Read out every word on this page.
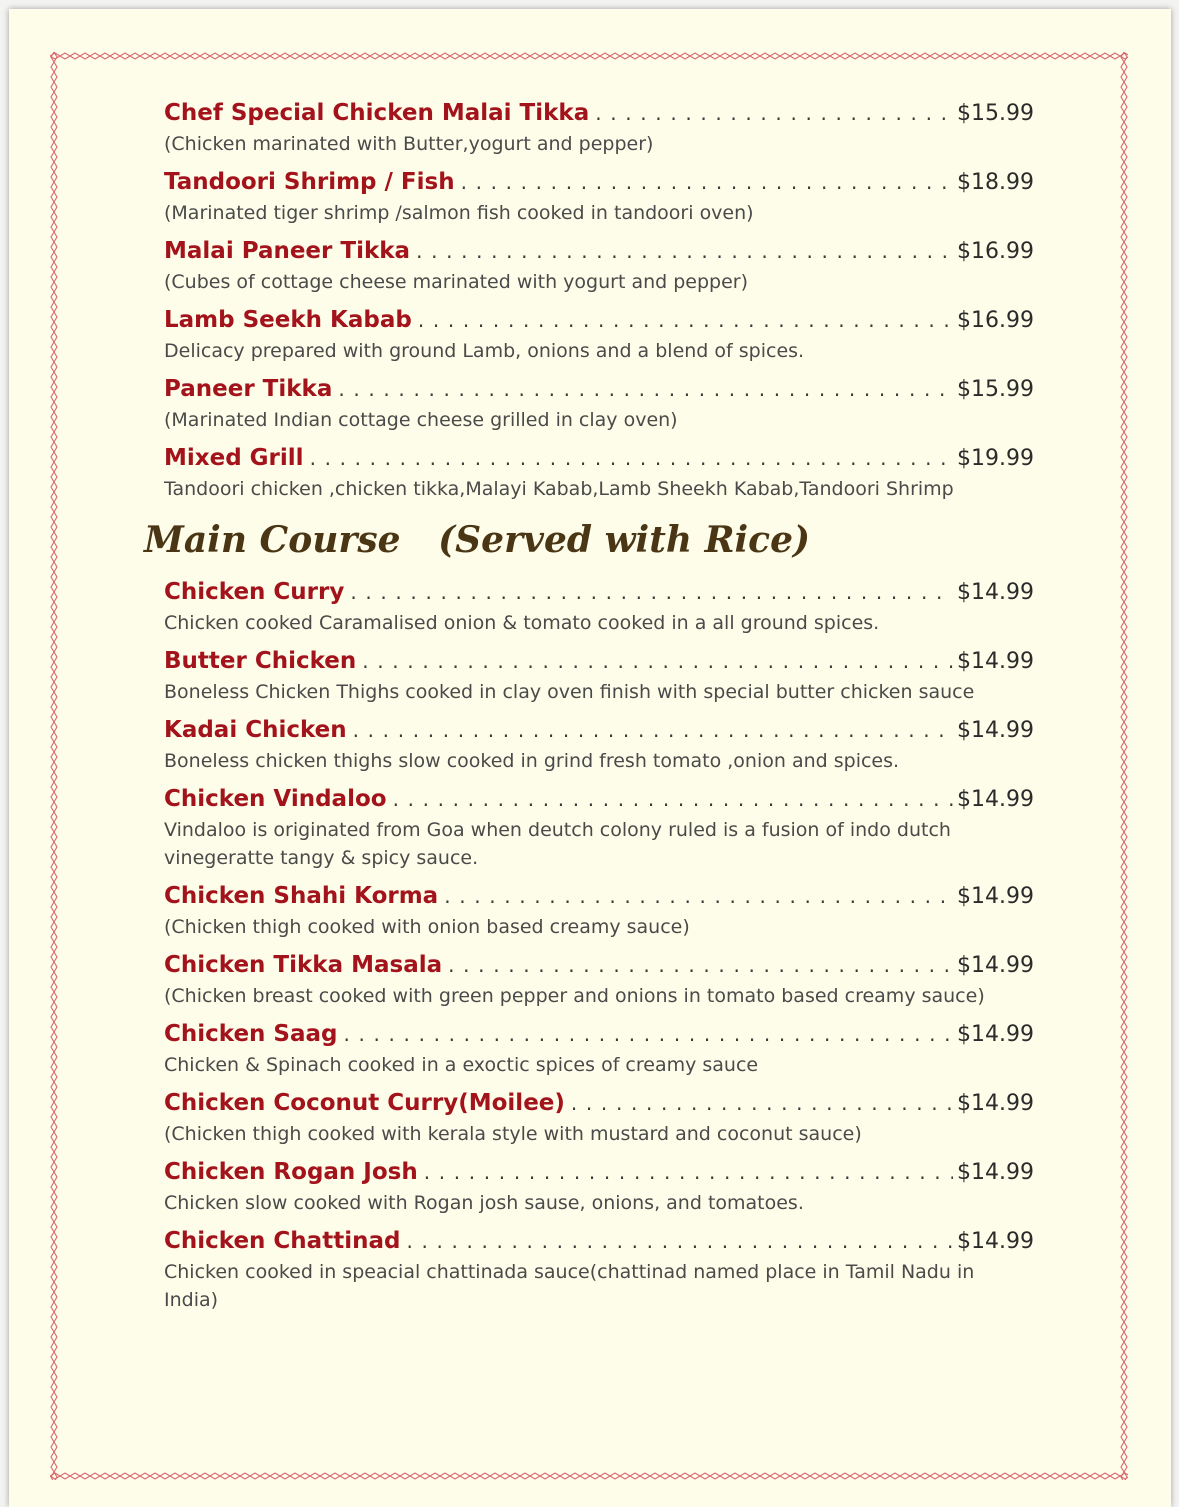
Chef Special Chicken Malai Tikka . . .	$15.99
(Chicken marinated with Butter,yogurt and pepper)
Tandoori Shrimp / Fish . . .	$18.99
(Marinated tiger shrimp /salmon fish cooked in tandoori oven)
Malai Paneer Tikka . . .	$16.99
(Cubes of cottage cheese marinated with yogurt and pepper)
Lamb Seekh Kabab . . .	$16.99
Delicacy prepared with ground Lamb, onions and a blend of spices.
Paneer Tikka . . .	$15.99
(Marinated Indian cottage cheese grilled in clay oven)
Mixed Grill . . .	$19.99
Tandoori chicken ,chicken tikka,Malayi Kabab,Lamb Sheekh Kabab,Tandoori Shrimp
Main Course   (Served with Rice)
Chicken Curry . . .	$14.99
Chicken cooked Caramalised onion & tomato cooked in a all ground spices.
Butter Chicken . . .	$14.99
Boneless Chicken Thighs cooked in clay oven finish with special butter chicken sauce
Kadai Chicken . . .	$14.99
Boneless chicken thighs slow cooked in grind fresh tomato ,onion and spices.
Chicken Vindaloo . . .	$14.99
Vindaloo is originated from Goa when deutch colony ruled is a fusion of indo dutch vinegeratte tangy & spicy sauce.
Chicken Shahi Korma . . .	$14.99
(Chicken thigh cooked with onion based creamy sauce)
Chicken Tikka Masala . . .	$14.99
(Chicken breast cooked with green pepper and onions in tomato based creamy sauce)
Chicken Saag . . .	$14.99
Chicken & Spinach cooked in a exoctic spices of creamy sauce
Chicken Coconut Curry(Moilee) . . .	$14.99
(Chicken thigh cooked with kerala style with mustard and coconut sauce)
Chicken Rogan Josh . . .	$14.99
Chicken slow cooked with Rogan josh sause, onions, and tomatoes.
Chicken Chattinad . . .	$14.99
Chicken cooked in speacial chattinada sauce(chattinad named place in Tamil Nadu in India)
